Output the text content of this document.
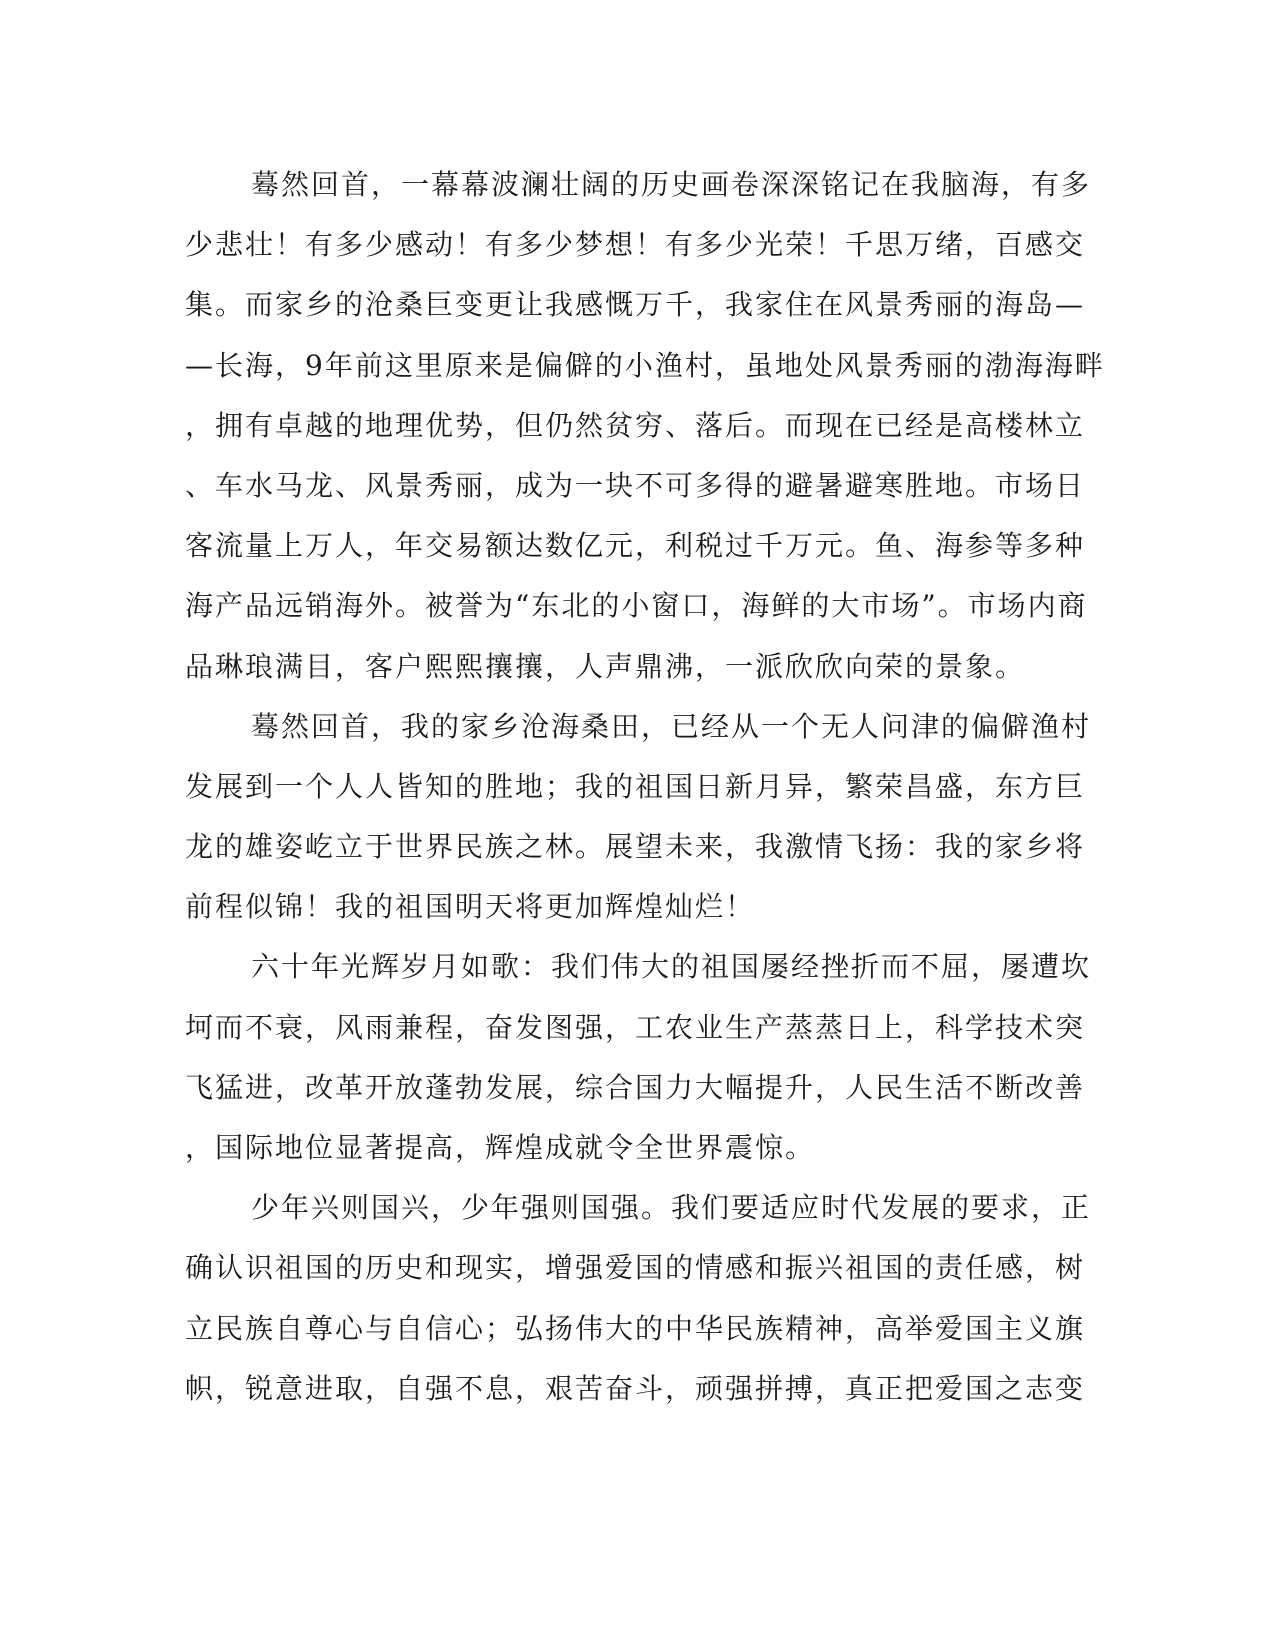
蓦然回首，一幕幕波澜壮阔的历史画卷深深铭记在我脑海，有多
少悲壮！有多少感动！有多少梦想！有多少光荣！千思万绪，百感交
集。而家乡的沧桑巨变更让我感慨万千，我家住在风景秀丽的海岛—
—长海，9年前这里原来是偏僻的小渔村，虽地处风景秀丽的渤海海畔
，拥有卓越的地理优势，但仍然贫穷、落后。而现在已经是高楼林立
、车水马龙、风景秀丽，成为一块不可多得的避暑避寒胜地。市场日
客流量上万人，年交易额达数亿元，利税过千万元。鱼、海参等多种
海产品远销海外。被誉为“东北的小窗口，海鲜的大市场”。市场内商
品琳琅满目，客户熙熙攘攘，人声鼎沸，一派欣欣向荣的景象。
蓦然回首，我的家乡沧海桑田，已经从一个无人问津的偏僻渔村
发展到一个人人皆知的胜地；我的祖国日新月异，繁荣昌盛，东方巨
龙的雄姿屹立于世界民族之林。展望未来，我激情飞扬：我的家乡将
前程似锦！我的祖国明天将更加辉煌灿烂！
六十年光辉岁月如歌：我们伟大的祖国屡经挫折而不屈，屡遭坎
坷而不衰，风雨兼程，奋发图强，工农业生产蒸蒸日上，科学技术突
飞猛进，改革开放蓬勃发展，综合国力大幅提升，人民生活不断改善
，国际地位显著提高，辉煌成就令全世界震惊。
少年兴则国兴，少年强则国强。我们要适应时代发展的要求，正
确认识祖国的历史和现实，增强爱国的情感和振兴祖国的责任感，树
立民族自尊心与自信心；弘扬伟大的中华民族精神，高举爱国主义旗
帜，锐意进取，自强不息，艰苦奋斗，顽强拼搏，真正把爱国之志变
